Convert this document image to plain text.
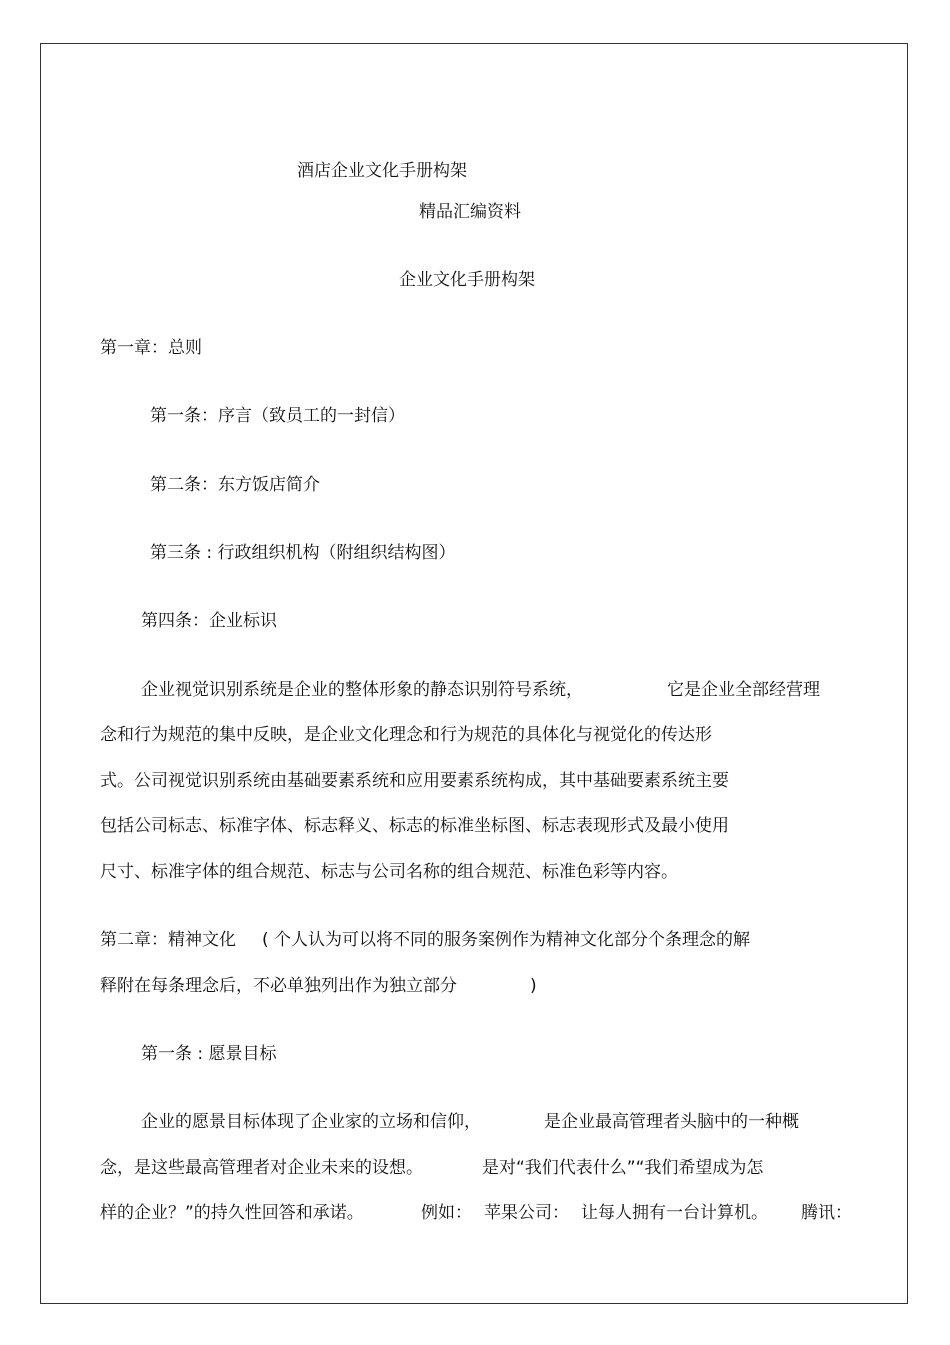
酒店企业文化手册构架
精品汇编资料
企业文化手册构架
第一章：总则
第一条：序言（致员工的一封信）
第二条：东方饭店简介
第三条 : 行政组织机构（附组织结构图）
第四条：企业标识
企业视觉识别系统是企业的整体形象的静态识别符号系统，	它是企业全部经营理
念和行为规范的集中反映，是企业文化理念和行为规范的具体化与视觉化的传达形
式。公司视觉识别系统由基础要素系统和应用要素系统构成，其中基础要素系统主要
包括公司标志、标准字体、标志释义、标志的标准坐标图、标志表现形式及最小使用
尺寸、标准字体的组合规范、标志与公司名称的组合规范、标准色彩等内容。
第二章：精神文化 ( 个人认为可以将不同的服务案例作为精神文化部分个条理念的解
释附在每条理念后，不必单独列出作为独立部分	)
第一条 : 愿景目标
企业的愿景目标体现了企业家的立场和信仰，	是企业最高管理者头脑中的一种概
念，是这些最高管理者对企业未来的设想。	是对“我们代表什么”“我们希望成为怎
样的企业？”的持久性回答和承诺。	例如： 苹果公司： 让每人拥有一台计算机。 腾讯：
